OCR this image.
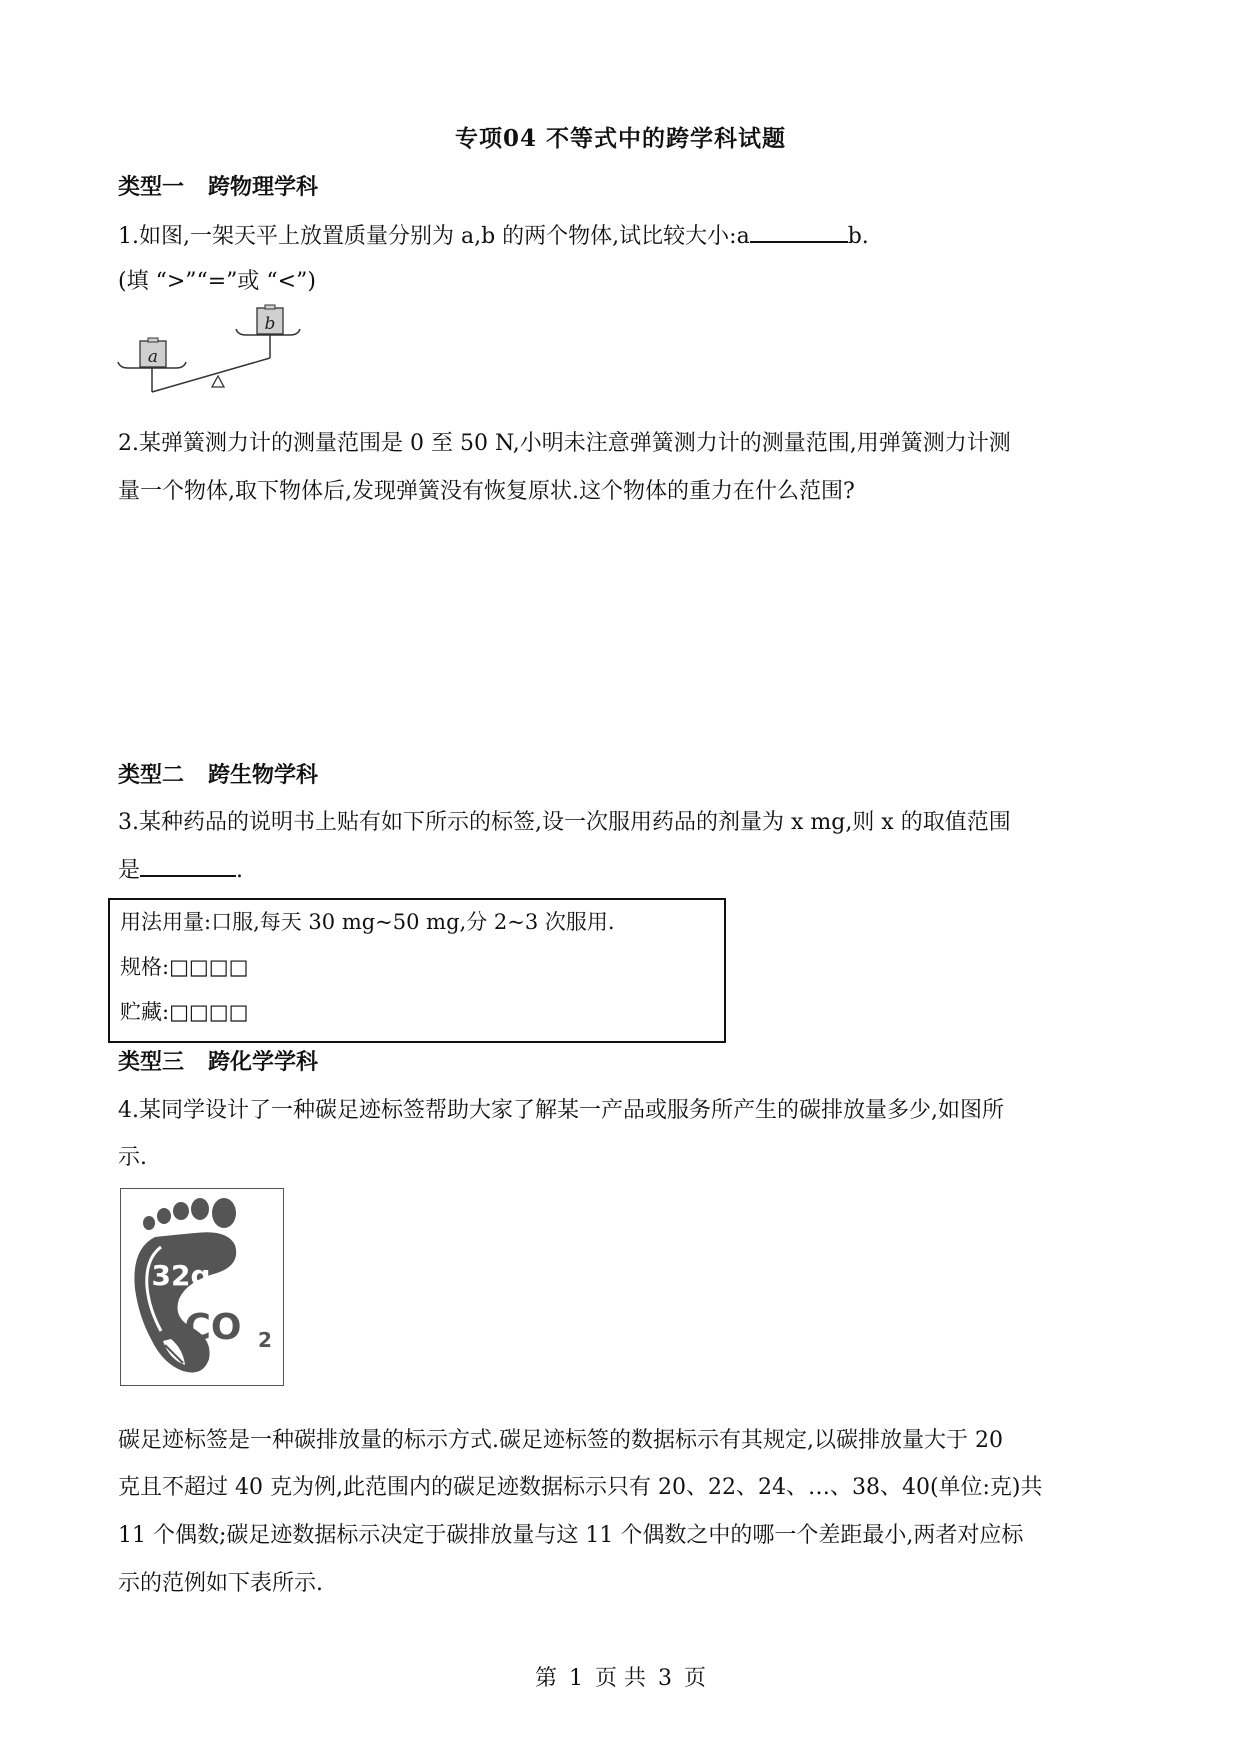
专项04 不等式中的跨学科试题
类型一 跨物理学科
1.如图,一架天平上放置质量分别为 a,b 的两个物体,试比较大小:a	b.
(填 “>”“=”或 “<”)
b
a
2.某弹簧测力计的测量范围是 0 至 50 N,小明未注意弹簧测力计的测量范围,用弹簧测力计测
量一个物体,取下物体后,发现弹簧没有恢复原状.这个物体的重力在什么范围?
类型二 跨生物学科
3.某种药品的说明书上贴有如下所示的标签,设一次服用药品的剂量为 x mg,则 x 的取值范围
是	.
用法用量:口服,每天 30 mg~50 mg,分 2~3 次服用.
规格:□□□□
贮藏:□□□□
类型三 跨化学学科
4.某同学设计了一种碳足迹标签帮助大家了解某一产品或服务所产生的碳排放量多少,如图所
示.
32g
CO 2
碳足迹标签是一种碳排放量的标示方式.碳足迹标签的数据标示有其规定,以碳排放量大于 20
克且不超过 40 克为例,此范围内的碳足迹数据标示只有 20、22、24、…、38、40(单位:克)共
11 个偶数;碳足迹数据标示决定于碳排放量与这 11 个偶数之中的哪一个差距最小,两者对应标
示的范例如下表所示.
第 1 页 共 3 页
